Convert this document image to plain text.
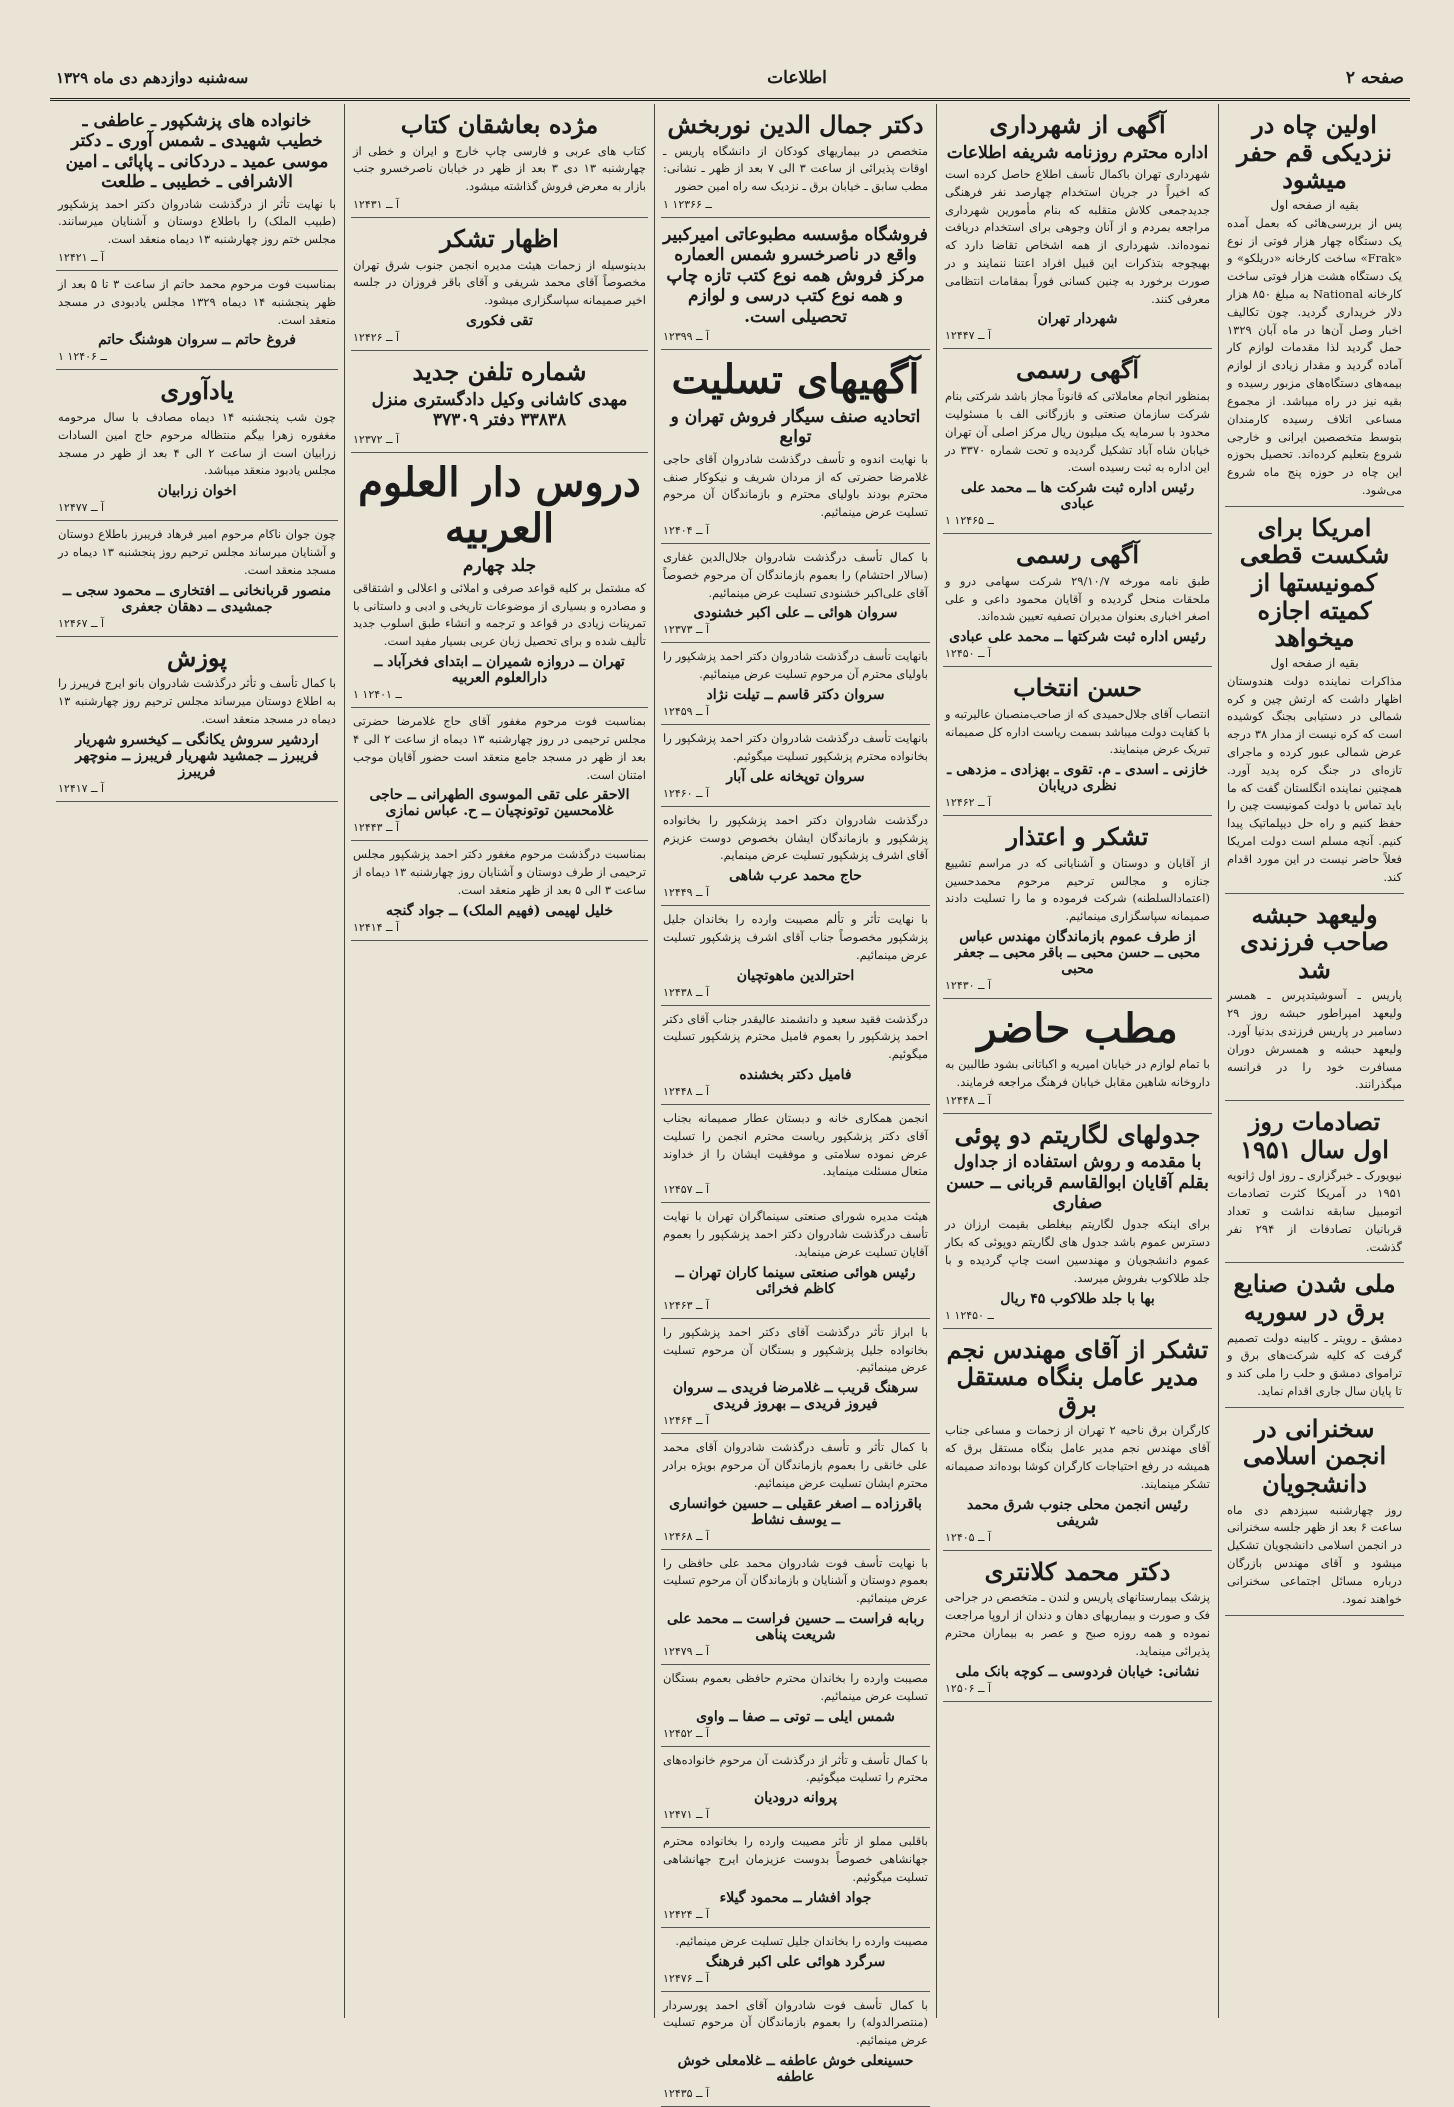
صفحه ۲
اطلاعات
سه‌شنبه دوازدهم دی ماه ۱۳۲۹
اولین چاه در نزدیکی قم حفر میشود
بقیه از صفحه اول

پس از بررسی‌هائی که بعمل آمده یک دستگاه چهار هزار فوتی از نوع «Frak» ساخت کارخانه «دریلکو» و یک دستگاه هشت هزار فوتی ساخت کارخانه National به مبلغ ۸۵۰ هزار دلار خریداری گردید. چون تکالیف اخبار وصل آن‌ها در ماه آبان ۱۳۲۹ حمل گردید لذا مقدمات لوازم کار آماده گردید و مقدار زیادی از لوازم بیمه‌های دستگاه‌های مزبور رسیده و بقیه نیز در راه میباشد. از مجموع مساعی اتلاف رسیده کارمندان بتوسط متخصصین ایرانی و خارجی شروع بتعلیم کرده‌اند. تحصیل بحوزه این چاه در حوزه پنج ماه شروع می‌شود.

امریکا برای شکست قطعی کمونیستها از کمیته اجازه میخواهد
بقیه از صفحه اول

مذاکرات نماینده دولت هندوستان اظهار داشت که ارتش چین و کره شمالی در دستیابی بجنگ کوشیده است که کره نیست از مدار ۳۸ درجه عرض شمالی عبور کرده و ماجرای تازه‌ای در جنگ کره پدید آورد. همچنین نماینده انگلستان گفت که ما باید تماس با دولت کمونیست چین را حفظ کنیم و راه حل دیپلماتیک پیدا کنیم. آنچه مسلم است دولت امریکا فعلاً حاضر نیست در این مورد اقدام کند.

ولیعهد حبشه صاحب فرزندی شد

پاریس ـ آسوشیتدپرس ـ همسر ولیعهد امپراطور حبشه روز ۲۹ دسامبر در پاریس فرزندی بدنیا آورد. ولیعهد حبشه و همسرش دوران مسافرت خود را در فرانسه میگذرانند.

تصادمات روز اول سال ۱۹۵۱

نیویورک ـ خبرگزاری ـ روز اول ژانویه ۱۹۵۱ در آمریکا کثرت تصادمات اتومبیل سابقه نداشت و تعداد قربانیان تصادفات از ۲۹۴ نفر گذشت.

ملی شدن صنایع برق در سوریه

دمشق ـ رویتر ـ کابینه دولت تصمیم گرفت که کلیه شرکت‌های برق و تراموای دمشق و حلب را ملی کند و تا پایان سال جاری اقدام نماید.

سخنرانی در انجمن اسلامی دانشجویان

روز چهارشنبه سیزدهم دی ماه ساعت ۶ بعد از ظهر جلسه سخنرانی در انجمن اسلامی دانشجویان تشکیل میشود و آقای مهندس بازرگان درباره مسائل اجتماعی سخنرانی خواهند نمود.

آگهی از شهرداری
اداره محترم روزنامه شریفه اطلاعات

شهرداری تهران باکمال تأسف اطلاع حاصل کرده است که اخیراً در جریان استخدام چهارصد نفر فرهنگی جدیدجمعی کلاش متقلبه که بنام مأمورین شهرداری مراجعه بمردم و از آنان وجوهی برای استخدام دریافت نموده‌اند. شهرداری از همه اشخاص تقاضا دارد که بهیچوجه بتذکرات این قبیل افراد اعتنا ننمایند و در صورت برخورد به چنین کسانی فوراً بمقامات انتظامی معرفی کنند.

شهردار تهران
آ ــ ۱۲۴۴۷
آگهی رسمی

بمنظور انجام معاملاتی که قانوناً مجاز باشد شرکتی بنام شرکت سازمان صنعتی و بازرگانی الف با مسئولیت محدود با سرمایه یک میلیون ریال مرکز اصلی آن تهران خیابان شاه آباد تشکیل گردیده و تحت شماره ۳۳۷۰ در این اداره به ثبت رسیده است.

رئیس اداره ثبت شرکت ها ــ محمد علی عبادی
۱ ــ ۱۲۴۶۵
آگهی رسمی

طبق نامه مورخه ۲۹/۱۰/۷ شرکت سهامی درو و ملحقات منحل گردیده و آقایان محمود داعی و علی اصغر اخباری بعنوان مدیران تصفیه تعیین شده‌اند.

رئیس اداره ثبت شرکتها ــ محمد علی عبادی
آ ــ ۱۲۴۵۰
حسن انتخاب

انتصاب آقای جلال‌حمیدی که از صاحب‌منصبان عالیرتبه و با کفایت دولت میباشد بسمت ریاست اداره کل صمیمانه تبریک عرض مینمایند.

خازنی ـ اسدی ـ م. تقوی ـ بهزادی ـ مزدهی ـ نظری دریابان
آ ــ ۱۲۴۶۲
تشکر و اعتذار

از آقایان و دوستان و آشنایانی که در مراسم تشییع جنازه و مجالس ترحیم مرحوم محمدحسین (اعتمادالسلطنه) شرکت فرموده و ما را تسلیت دادند صمیمانه سپاسگزاری مینمائیم.

از طرف عموم بازماندگان مهندس عباس محبی ــ حسن محبی ــ باقر محبی ــ جعفر محبی
آ ــ ۱۲۴۳۰
مطب حاضر

با تمام لوازم در خیابان امیریه و اکباتانی بشود طالبین به داروخانه شاهین مقابل خیابان فرهنگ مراجعه فرمایند.

آ ــ ۱۲۴۴۸
جدولهای لگاریتم دو پوئی
با مقدمه و روش استفاده از جداول بقلم آقایان ابوالقاسم قربانی ــ حسن صفاری

برای اینکه جدول لگاریتم بیغلطی بقیمت ارزان در دسترس عموم باشد جدول های لگاریتم دوپوئی که بکار عموم دانشجویان و مهندسین است چاپ گردیده و با جلد طلاکوب بفروش میرسد.

بها با جلد طلاکوب ۴۵ ریال
۱ ــ ۱۲۴۵۰
تشکر از آقای مهندس نجم مدیر عامل بنگاه مستقل برق

کارگران برق ناحیه ۲ تهران از زحمات و مساعی جناب آقای مهندس نجم مدیر عامل بنگاه مستقل برق که همیشه در رفع احتیاجات کارگران کوشا بوده‌اند صمیمانه تشکر مینمایند.

رئیس انجمن محلی جنوب شرق محمد شریفی
آ ــ ۱۲۴۰۵
دکتر محمد کلانتری

پزشک بیمارستانهای پاریس و لندن ـ متخصص در جراحی فک و صورت و بیماریهای دهان و دندان از اروپا مراجعت نموده و همه روزه صبح و عصر به بیماران محترم پذیرائی مینماید.

نشانی: خیابان فردوسی ــ کوچه بانک ملی
آ ــ ۱۲۵۰۶
دکتر جمال الدین نوربخش

متخصص در بیماریهای کودکان از دانشگاه پاریس ـ اوقات پذیرائی از ساعت ۳ الی ۷ بعد از ظهر ـ نشانی: مطب سابق ـ خیابان برق ـ نزدیک سه راه امین حضور

۱ ــ ۱۲۳۶۶
فروشگاه مؤسسه مطبوعاتی امیرکبیر واقع در ناصرخسرو شمس العماره مرکز فروش همه نوع کتب تازه چاپ و همه نوع کتب درسی و لوازم تحصیلی است.
آ ــ ۱۲۳۹۹
آگهیهای تسلیت
اتحادیه صنف سیگار فروش تهران و توابع

با نهایت اندوه و تأسف درگذشت شادروان آقای حاجی غلامرضا حضرتی که از مردان شریف و نیکوکار صنف محترم بودند باولیای محترم و بازماندگان آن مرحوم تسلیت عرض مینمائیم.

آ ــ ۱۲۴۰۴

با کمال تأسف درگذشت شادروان جلال‌الدین غفاری (سالار احتشام) را بعموم بازماندگان آن مرحوم خصوصاً آقای علی‌اکبر خشنودی تسلیت عرض مینمائیم.

سروان هوائی ــ علی اکبر خشنودی
آ ــ ۱۲۳۷۳

بانهایت تأسف درگذشت شادروان دکتر احمد پزشکپور را باولیای محترم آن مرحوم تسلیت عرض مینمائیم.

سروان دکتر قاسم ــ تیلت نژاد
آ ــ ۱۲۴۵۹

بانهایت تأسف درگذشت شادروان دکتر احمد پزشکپور را بخانواده محترم پزشکپور تسلیت میگوئیم.

سروان توپخانه علی آبار
آ ــ ۱۲۴۶۰

درگذشت شادروان دکتر احمد پزشکپور را بخانواده پزشکپور و بازماندگان ایشان بخصوص دوست عزیزم آقای اشرف پزشکپور تسلیت عرض مینمایم.

حاج محمد عرب شاهی
آ ــ ۱۲۴۴۹

با نهایت تأثر و تألم مصیبت وارده را بخاندان جلیل پزشکپور مخصوصاً جناب آقای اشرف پزشکپور تسلیت عرض مینمائیم.

احترالدین ماهوتچیان
آ ــ ۱۲۴۳۸

درگذشت فقید سعید و دانشمند عالیقدر جناب آقای دکتر احمد پزشکپور را بعموم فامیل محترم پزشکپور تسلیت میگوئیم.

فامیل دکتر بخشنده
آ ــ ۱۲۴۴۸

انجمن همکاری خانه و دبستان عطار صمیمانه بجناب آقای دکتر پزشکپور ریاست محترم انجمن را تسلیت عرض نموده سلامتی و موفقیت ایشان را از خداوند متعال مسئلت مینماید.

آ ــ ۱۲۴۵۷

هیئت مدیره شورای صنعتی سینماگران تهران با نهایت تأسف درگذشت شادروان دکتر احمد پزشکپور را بعموم آقایان تسلیت عرض مینماید.

رئیس هوائی صنعتی سینما کاران تهران ــ کاظم فخرائی
آ ــ ۱۲۴۶۳

با ابراز تأثر درگذشت آقای دکتر احمد پزشکپور را بخانواده جلیل پزشکپور و بستگان آن مرحوم تسلیت عرض مینمائیم.

سرهنگ قریب ــ غلامرضا فریدی ــ سروان فیروز فریدی ــ بهروز فریدی
آ ــ ۱۲۴۶۴

با کمال تأثر و تأسف درگذشت شادروان آقای محمد علی خانقی را بعموم بازماندگان آن مرحوم بویژه برادر محترم ایشان تسلیت عرض مینمائیم.

باقرزاده ــ اصغر عقیلی ــ حسین خوانساری ــ یوسف نشاط
آ ــ ۱۲۴۶۸

با نهایت تأسف فوت شادروان محمد علی حافظی را بعموم دوستان و آشنایان و بازماندگان آن مرحوم تسلیت عرض مینمائیم.

ربابه فراست ــ حسین فراست ــ محمد علی شریعت پناهی
آ ــ ۱۲۴۷۹

مصیبت وارده را بخاندان محترم حافظی بعموم بستگان تسلیت عرض مینمائیم.

شمس ایلی ــ توتی ــ صفا ــ واوی
آ ــ ۱۲۴۵۲

با کمال تأسف و تأثر از درگذشت آن مرحوم خانواده‌های محترم را تسلیت میگوئیم.

پروانه درودیان
آ ــ ۱۲۴۷۱

باقلبی مملو از تأثر مصیبت وارده را بخانواده محترم جهانشاهی خصوصاً بدوست عزیزمان ایرج جهانشاهی تسلیت میگوئیم.

جواد افشار ــ محمود گیلاء
آ ــ ۱۲۴۲۴

مصیبت وارده را بخاندان جلیل تسلیت عرض مینمائیم.

سرگرد هوائی علی اکبر فرهنگ
آ ــ ۱۲۴۷۶

با کمال تأسف فوت شادروان آقای احمد پورسردار (منتصرالدوله) را بعموم بازماندگان آن مرحوم تسلیت عرض مینمائیم.

حسینعلی خوش عاطفه ــ غلامعلی خوش عاطفه
آ ــ ۱۲۴۳۵
مژده بعاشقان کتاب

کتاب های عربی و فارسی چاپ خارج و ایران و خطی از چهارشنبه ۱۳ دی ۳ بعد از ظهر در خیابان ناصرخسرو جنب بازار به معرض فروش گذاشته میشود.

آ ــ ۱۲۴۳۱
اظهار تشکر

بدینوسیله از زحمات هیئت مدیره انجمن جنوب شرق تهران مخصوصاً آقای محمد شریفی و آقای باقر فروزان در جلسه اخیر صمیمانه سپاسگزاری میشود.

تقی فکوری
آ ــ ۱۲۴۲۶
شماره تلفن جدید
مهدی کاشانی وکیل دادگستری منزل ۳۳۸۳۸ دفتر ۳۷۳۰۹
آ ــ ۱۲۳۷۲
دروس دار العلوم العربیه
جلد چهارم

که مشتمل بر کلیه قواعد صرفی و املائی و اعلالی و اشتقاقی و مصادره و بسیاری از موضوعات تاریخی و ادبی و داستانی با تمرینات زیادی در قواعد و ترجمه و انشاء طبق اسلوب جدید تألیف شده و برای تحصیل زبان عربی بسیار مفید است.

تهران ــ دروازه شمیران ــ ابتدای فخرآباد ــ دارالعلوم العربیه
۱ ــ ۱۲۴۰۱

بمناسبت فوت مرحوم مغفور آقای حاج غلامرضا حضرتی مجلس ترحیمی در روز چهارشنبه ۱۳ دیماه از ساعت ۲ الی ۴ بعد از ظهر در مسجد جامع منعقد است حضور آقایان موجب امتنان است.

الاحقر علی تقی الموسوی الطهرانی ــ حاجی غلامحسین توتونچیان ــ ح. عباس نمازی
آ ــ ۱۲۴۴۳

بمناسبت درگذشت مرحوم مغفور دکتر احمد پزشکپور مجلس ترحیمی از طرف دوستان و آشنایان روز چهارشنبه ۱۳ دیماه از ساعت ۳ الی ۵ بعد از ظهر منعقد است.

خلیل لهیمی (فهیم الملک) ــ جواد گنجه
آ ــ ۱۲۴۱۴
خانواده های پزشکپور ـ عاطفی ـ خطیب شهیدی ـ شمس آوری ـ دکتر موسی عمید ـ دردکانی ـ پاپائی ـ امین الاشرافی ـ خطیبی ـ طلعت

با نهایت تأثر از درگذشت شادروان دکتر احمد پزشکپور (طبیب الملک) را باطلاع دوستان و آشنایان میرسانند. مجلس ختم روز چهارشنبه ۱۳ دیماه منعقد است.

آ ــ ۱۲۴۲۱

بمناسبت فوت مرحوم محمد حاتم از ساعت ۳ تا ۵ بعد از ظهر پنجشنبه ۱۴ دیماه ۱۳۲۹ مجلس یادبودی در مسجد منعقد است.

فروغ حاتم ــ سروان هوشنگ حاتم
۱ ــ ۱۲۴۰۶
یادآوری

چون شب پنجشنبه ۱۴ دیماه مصادف با سال مرحومه مغفوره زهرا بیگم منتظاله مرحوم حاج امین السادات زرابیان است از ساعت ۲ الی ۴ بعد از ظهر در مسجد مجلس یادبود منعقد میباشد.

اخوان زرابیان
آ ــ ۱۲۴۷۷

چون جوان ناکام مرحوم امیر فرهاد فریبرز باطلاع دوستان و آشنایان میرساند مجلس ترحیم روز پنجشنبه ۱۳ دیماه در مسجد منعقد است.

منصور قربانخانی ــ افتخاری ــ محمود سجی ــ جمشیدی ــ دهقان جعفری
آ ــ ۱۲۴۶۷
پوزش

با کمال تأسف و تأثر درگذشت شادروان بانو ایرج فریبرز را به اطلاع دوستان میرساند مجلس ترحیم روز چهارشنبه ۱۳ دیماه در مسجد منعقد است.

اردشیر سروش یکانگی ــ کیخسرو شهریار فریبرز ــ جمشید شهریار فریبرز ــ منوچهر فریبرز
آ ــ ۱۲۴۱۷
